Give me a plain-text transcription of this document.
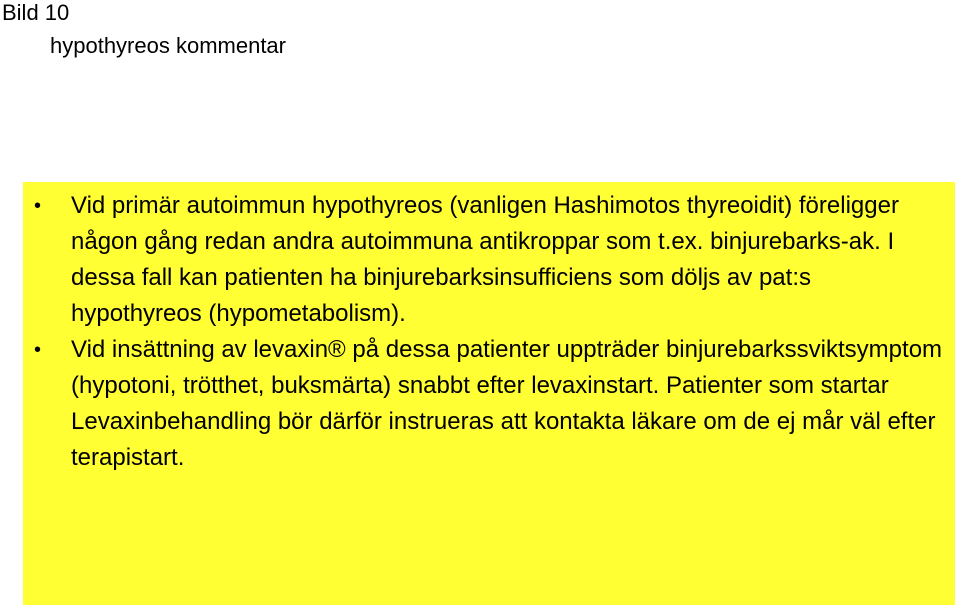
Bild 10
hypothyreos kommentar
• Vid primär autoimmun hypothyreos (vanligen Hashimotos thyreoidit) föreligger någon gång redan andra autoimmuna antikroppar som t.ex. binjurebarks-ak. I dessa fall kan patienten ha binjurebarksinsufficiens som döljs av pat:s hypothyreos (hypometabolism).
• Vid insättning av levaxin® på dessa patienter uppträder binjurebarkssviktsymptom (hypotoni, trötthet, buksmärta) snabbt efter levaxinstart. Patienter som startar Levaxinbehandling bör därför instrueras att kontakta läkare om de ej mår väl efter terapistart.
